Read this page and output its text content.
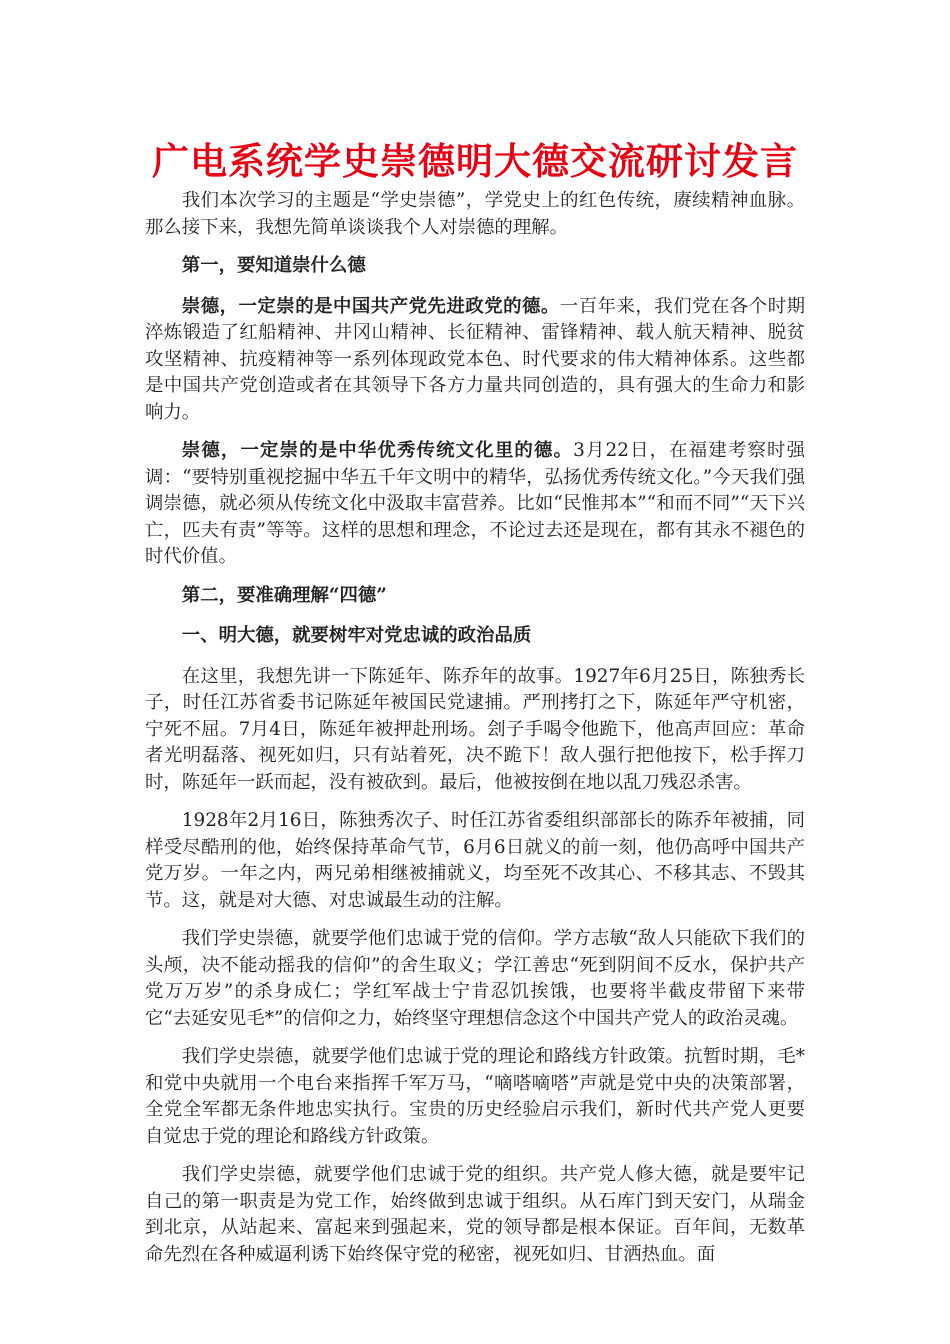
广电系统学史崇德明大德交流研讨发言

我们本次学习的主题是“学史崇德”，学党史上的红色传统，赓续精神血脉。那么接下来，我想先简单谈谈我个人对崇德的理解。

第一，要知道崇什么德

崇德，一定崇的是中国共产党先进政党的德。一百年来，我们党在各个时期淬炼锻造了红船精神、井冈山精神、长征精神、雷锋精神、载人航天精神、脱贫攻坚精神、抗疫精神等一系列体现政党本色、时代要求的伟大精神体系。这些都是中国共产党创造或者在其领导下各方力量共同创造的，具有强大的生命力和影响力。

崇德，一定崇的是中华优秀传统文化里的德。3月22日，在福建考察时强调：“要特别重视挖掘中华五千年文明中的精华，弘扬优秀传统文化。”今天我们强调崇德，就必须从传统文化中汲取丰富营养。比如“民惟邦本”“和而不同”“天下兴亡，匹夫有责”等等。这样的思想和理念，不论过去还是现在，都有其永不褪色的时代价值。

第二，要准确理解“四德”

一、明大德，就要树牢对党忠诚的政治品质

在这里，我想先讲一下陈延年、陈乔年的故事。1927年6月25日，陈独秀长子，时任江苏省委书记陈延年被国民党逮捕。严刑拷打之下，陈延年严守机密，宁死不屈。7月4日，陈延年被押赴刑场。刽子手喝令他跪下，他高声回应：革命者光明磊落、视死如归，只有站着死，决不跪下！敌人强行把他按下，松手挥刀时，陈延年一跃而起，没有被砍到。最后，他被按倒在地以乱刀残忍杀害。

1928年2月16日，陈独秀次子、时任江苏省委组织部部长的陈乔年被捕，同样受尽酷刑的他，始终保持革命气节，6月6日就义的前一刻，他仍高呼中国共产党万岁。一年之内，两兄弟相继被捕就义，均至死不改其心、不移其志、不毁其节。这，就是对大德、对忠诚最生动的注解。

我们学史崇德，就要学他们忠诚于党的信仰。学方志敏“敌人只能砍下我们的头颅，决不能动摇我的信仰”的舍生取义；学江善忠“死到阴间不反水，保护共产党万万岁”的杀身成仁；学红军战士宁肯忍饥挨饿，也要将半截皮带留下来带它“去延安见毛*”的信仰之力，始终坚守理想信念这个中国共产党人的政治灵魂。

我们学史崇德，就要学他们忠诚于党的理论和路线方针政策。抗暂时期，毛*和党中央就用一个电台来指挥千军万马，“嘀嗒嘀嗒”声就是党中央的决策部署，全党全军都无条件地忠实执行。宝贵的历史经验启示我们，新时代共产党人更要自觉忠于党的理论和路线方针政策。

我们学史崇德，就要学他们忠诚于党的组织。共产党人修大德，就是要牢记自己的第一职责是为党工作，始终做到忠诚于组织。从石库门到天安门，从瑞金到北京，从站起来、富起来到强起来，党的领导都是根本保证。百年间，无数革命先烈在各种威逼利诱下始终保守党的秘密，视死如归、甘洒热血。面
